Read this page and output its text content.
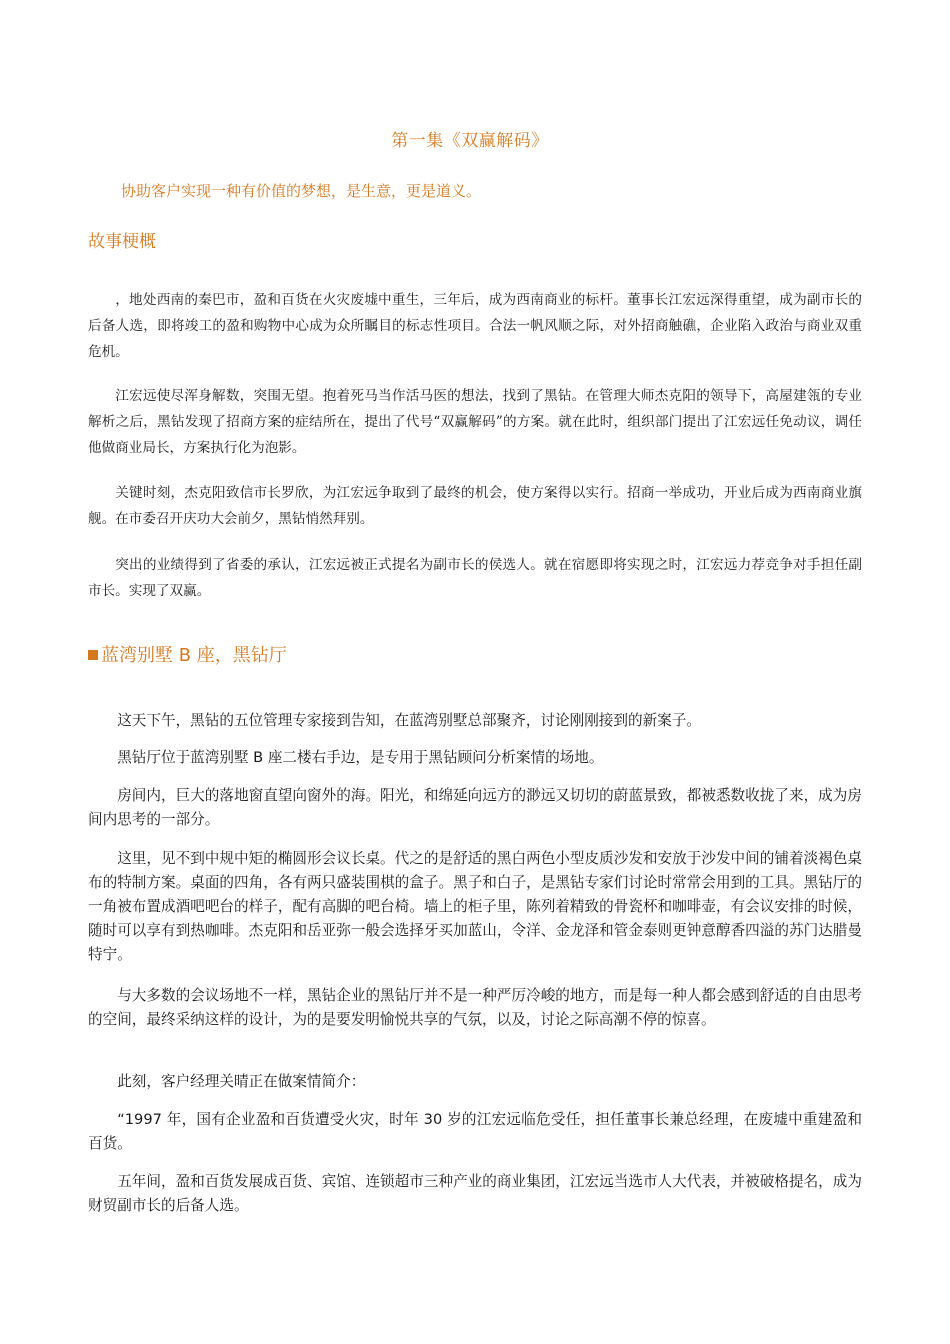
第一集《双赢解码》

协助客户实现一种有价值的梦想，是生意，更是道义。

故事梗概

，地处西南的秦巴市，盈和百货在火灾废墟中重生，三年后，成为西南商业的标杆。董事长江宏远深得重望，成为副市长的后备人选，即将竣工的盈和购物中心成为众所瞩目的标志性项目。合法一帆风顺之际，对外招商触礁，企业陷入政治与商业双重危机。

江宏远使尽浑身解数，突围无望。抱着死马当作活马医的想法，找到了黑钻。在管理大师杰克阳的领导下，高屋建瓴的专业解析之后，黑钻发现了招商方案的症结所在，提出了代号“双赢解码”的方案。就在此时，组织部门提出了江宏远任免动议，调任他做商业局长，方案执行化为泡影。

关键时刻，杰克阳致信市长罗欣，为江宏远争取到了最终的机会，使方案得以实行。招商一举成功，开业后成为西南商业旗舰。在市委召开庆功大会前夕，黑钻悄然拜别。

突出的业绩得到了省委的承认，江宏远被正式提名为副市长的侯选人。就在宿愿即将实现之时，江宏远力荐竞争对手担任副市长。实现了双赢。

蓝湾别墅 B 座，黑钻厅

这天下午，黑钻的五位管理专家接到告知，在蓝湾别墅总部聚齐，讨论刚刚接到的新案子。

黑钻厅位于蓝湾别墅 B 座二楼右手边，是专用于黑钻顾问分析案情的场地。

房间内，巨大的落地窗直望向窗外的海。阳光，和绵延向远方的渺远又切切的蔚蓝景致，都被悉数收拢了来，成为房间内思考的一部分。

这里，见不到中规中矩的椭圆形会议长桌。代之的是舒适的黑白两色小型皮质沙发和安放于沙发中间的铺着淡褐色桌布的特制方案。桌面的四角，各有两只盛装围棋的盒子。黑子和白子，是黑钻专家们讨论时常常会用到的工具。黑钻厅的一角被布置成酒吧吧台的样子，配有高脚的吧台椅。墙上的柜子里，陈列着精致的骨瓷杯和咖啡壶，有会议安排的时候，随时可以享有到热咖啡。杰克阳和岳亚弥一般会选择牙买加蓝山，令洋、金龙泽和管金泰则更钟意醇香四溢的苏门达腊曼特宁。

与大多数的会议场地不一样，黑钻企业的黑钻厅并不是一种严厉冷峻的地方，而是每一种人都会感到舒适的自由思考的空间，最终采纳这样的设计，为的是要发明愉悦共享的气氛，以及，讨论之际高潮不停的惊喜。

此刻，客户经理关晴正在做案情简介：

“1997 年，国有企业盈和百货遭受火灾，时年 30 岁的江宏远临危受任，担任董事长兼总经理，在废墟中重建盈和百货。

五年间，盈和百货发展成百货、宾馆、连锁超市三种产业的商业集团，江宏远当选市人大代表，并被破格提名，成为财贸副市长的后备人选。
